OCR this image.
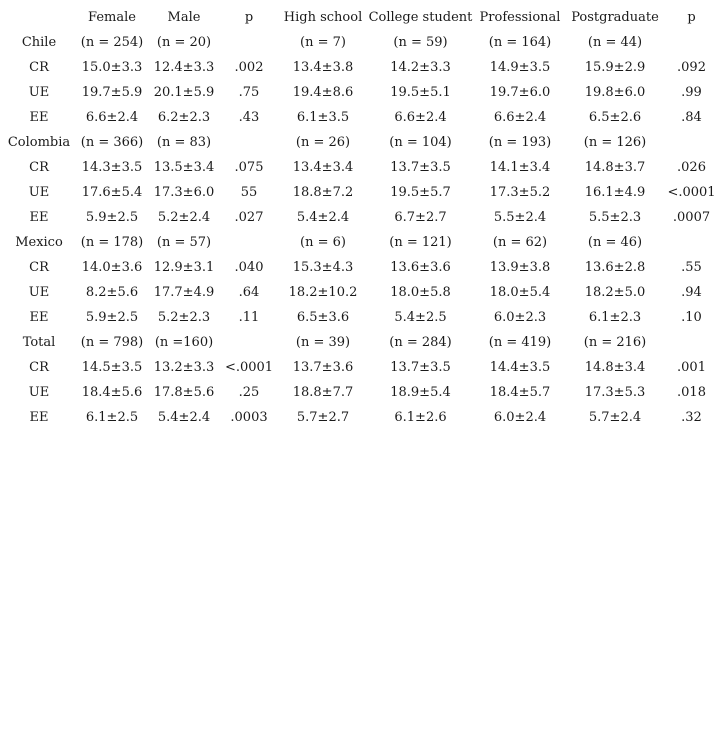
	Female	Male	p	High school	College student	Professional	Postgraduate	p
Chile	(n = 254)	(n = 20)		(n = 7)	(n = 59)	(n = 164)	(n = 44)	
CR	15.0±3.3	12.4±3.3	.002	13.4±3.8	14.2±3.3	14.9±3.5	15.9±2.9	.092
UE	19.7±5.9	20.1±5.9	.75	19.4±8.6	19.5±5.1	19.7±6.0	19.8±6.0	.99
EE	6.6±2.4	6.2±2.3	.43	6.1±3.5	6.6±2.4	6.6±2.4	6.5±2.6	.84
Colombia	(n = 366)	(n = 83)		(n = 26)	(n = 104)	(n = 193)	(n = 126)	
CR	14.3±3.5	13.5±3.4	.075	13.4±3.4	13.7±3.5	14.1±3.4	14.8±3.7	.026
UE	17.6±5.4	17.3±6.0	55	18.8±7.2	19.5±5.7	17.3±5.2	16.1±4.9	<.0001
EE	5.9±2.5	5.2±2.4	.027	5.4±2.4	6.7±2.7	5.5±2.4	5.5±2.3	.0007
Mexico	(n = 178)	(n = 57)		(n = 6)	(n = 121)	(n = 62)	(n = 46)	
CR	14.0±3.6	12.9±3.1	.040	15.3±4.3	13.6±3.6	13.9±3.8	13.6±2.8	.55
UE	8.2±5.6	17.7±4.9	.64	18.2±10.2	18.0±5.8	18.0±5.4	18.2±5.0	.94
EE	5.9±2.5	5.2±2.3	.11	6.5±3.6	5.4±2.5	6.0±2.3	6.1±2.3	.10
Total	(n = 798)	(n =160)		(n = 39)	(n = 284)	(n = 419)	(n = 216)	
CR	14.5±3.5	13.2±3.3	<.0001	13.7±3.6	13.7±3.5	14.4±3.5	14.8±3.4	.001
UE	18.4±5.6	17.8±5.6	.25	18.8±7.7	18.9±5.4	18.4±5.7	17.3±5.3	.018
EE	6.1±2.5	5.4±2.4	.0003	5.7±2.7	6.1±2.6	6.0±2.4	5.7±2.4	.32
